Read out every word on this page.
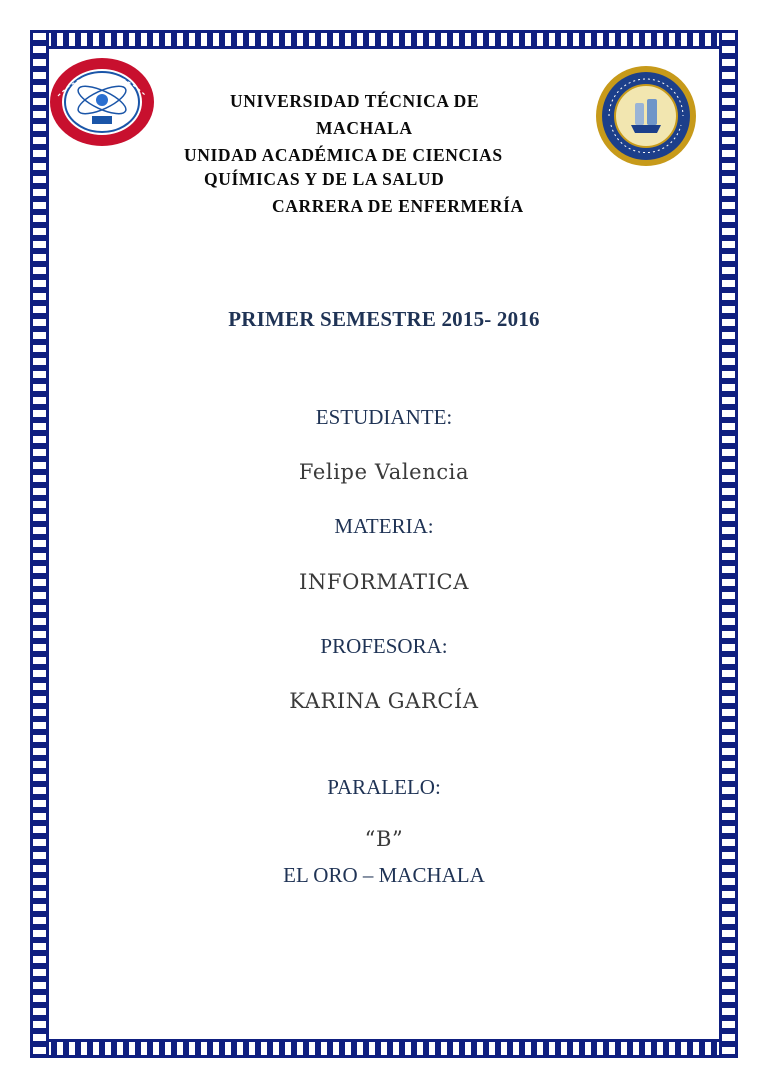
UNIVERSIDAD TÉCNICA DE
MACHALA
UNIDAD ACADÉMICA DE CIENCIAS
QUÍMICAS Y DE LA SALUD
CARRERA DE ENFERMERÍA
PRIMER SEMESTRE 2015- 2016
ESTUDIANTE:
Felipe Valencia
MATERIA:
INFORMATICA
PROFESORA:
KARINA GARCÍA
PARALELO:
“B”
EL ORO – MACHALA
